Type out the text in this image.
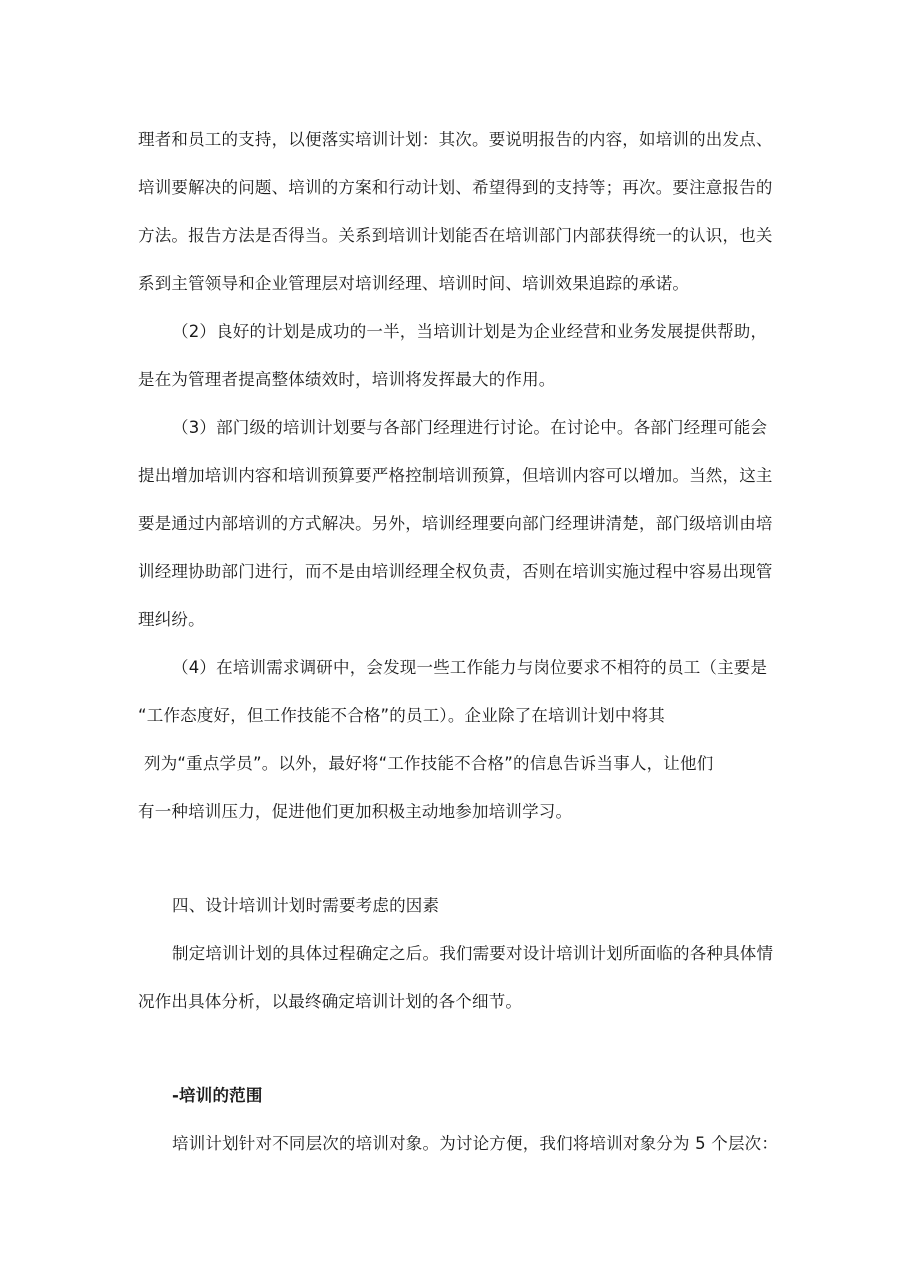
理者和员工的支持，以便落实培训计划：其次。要说明报告的内容，如培训的出发点、
培训要解决的问题、培训的方案和行动计划、希望得到的支持等；再次。要注意报告的
方法。报告方法是否得当。关系到培训计划能否在培训部门内部获得统一的认识，也关
系到主管领导和企业管理层对培训经理、培训时间、培训效果追踪的承诺。
（2）良好的计划是成功的一半，当培训计划是为企业经营和业务发展提供帮助，
是在为管理者提高整体绩效时，培训将发挥最大的作用。
（3）部门级的培训计划要与各部门经理进行讨论。在讨论中。各部门经理可能会
提出增加培训内容和培训预算要严格控制培训预算，但培训内容可以增加。当然，这主
要是通过内部培训的方式解决。另外，培训经理要向部门经理讲清楚，部门级培训由培
训经理协助部门进行，而不是由培训经理全权负责，否则在培训实施过程中容易出现管
理纠纷。
（4）在培训需求调研中，会发现一些工作能力与岗位要求不相符的员工（主要是
“工作态度好，但工作技能不合格”的员工）。企业除了在培训计划中将其
列为“重点学员”。以外，最好将“工作技能不合格”的信息告诉当事人，让他们
有一种培训压力，促进他们更加积极主动地参加培训学习。
四、设计培训计划时需要考虑的因素
制定培训计划的具体过程确定之后。我们需要对设计培训计划所面临的各种具体情
况作出具体分析，以最终确定培训计划的各个细节。
-培训的范围
培训计划针对不同层次的培训对象。为讨论方便，我们将培训对象分为 5 个层次：
